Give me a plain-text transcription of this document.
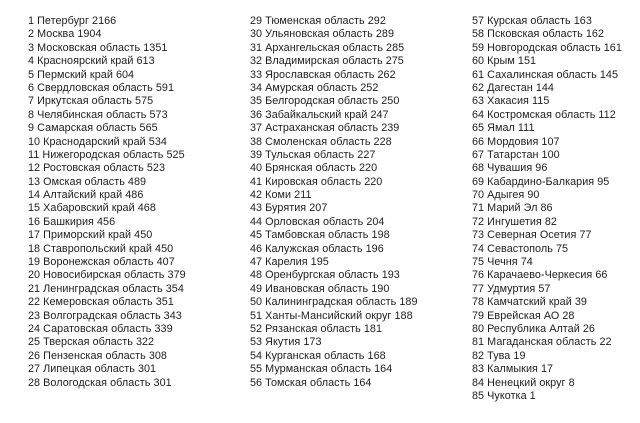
1 Петербург 2166
2 Москва 1904
3 Московская область 1351
4 Красноярский край 613
5 Пермский край 604
6 Свердловская область 591
7 Иркутская область 575
8 Челябинская область 573
9 Самарская область 565
10 Краснодарский край 534
11 Нижегородская область 525
12 Ростовская область 523
13 Омская область 489
14 Алтайский край 486
15 Хабаровский край 468
16 Башкирия 456
17 Приморский край 450
18 Ставропольский край 450
19 Воронежская область 407
20 Новосибирская область 379
21 Ленинградская область 354
22 Кемеровская область 351
23 Волгоградская область 343
24 Саратовская область 339
25 Тверская область 322
26 Пензенская область 308
27 Липецкая область 301
28 Вологодская область 301
29 Тюменская область 292
30 Ульяновская область 289
31 Архангельская область 285
32 Владимирская область 275
33 Ярославская область 262
34 Амурская область 252
35 Белгородская область 250
36 Забайкальский край 247
37 Астраханская область 239
38 Смоленская область 228
39 Тульская область 227
40 Брянская область 220
41 Кировская область 220
42 Коми 211
43 Бурятия 207
44 Орловская область 204
45 Тамбовская область 198
46 Калужская область 196
47 Карелия 195
48 Оренбургская область 193
49 Ивановская область 190
50 Калининградская область 189
51 Ханты-Мансийский округ 188
52 Рязанская область 181
53 Якутия 173
54 Курганская область 168
55 Мурманская область 164
56 Томская область 164
57 Курская область 163
58 Псковская область 162
59 Новгородская область 161
60 Крым 151
61 Сахалинская область 145
62 Дагестан 144
63 Хакасия 115
64 Костромская область 112
65 Ямал 111
66 Мордовия 107
67 Татарстан 100
68 Чувашия 96
69 Кабардино-Балкария 95
70 Адыгея 90
71 Марий Эл 86
72 Ингушетия 82
73 Северная Осетия 77
74 Севастополь 75
75 Чечня 74
76 Карачаево-Черкесия 66
77 Удмуртия 57
78 Камчатский край 39
79 Еврейская АО 28
80 Республика Алтай 26
81 Магаданская область 22
82 Тува 19
83 Калмыкия 17
84 Ненецкий округ 8
85 Чукотка 1
